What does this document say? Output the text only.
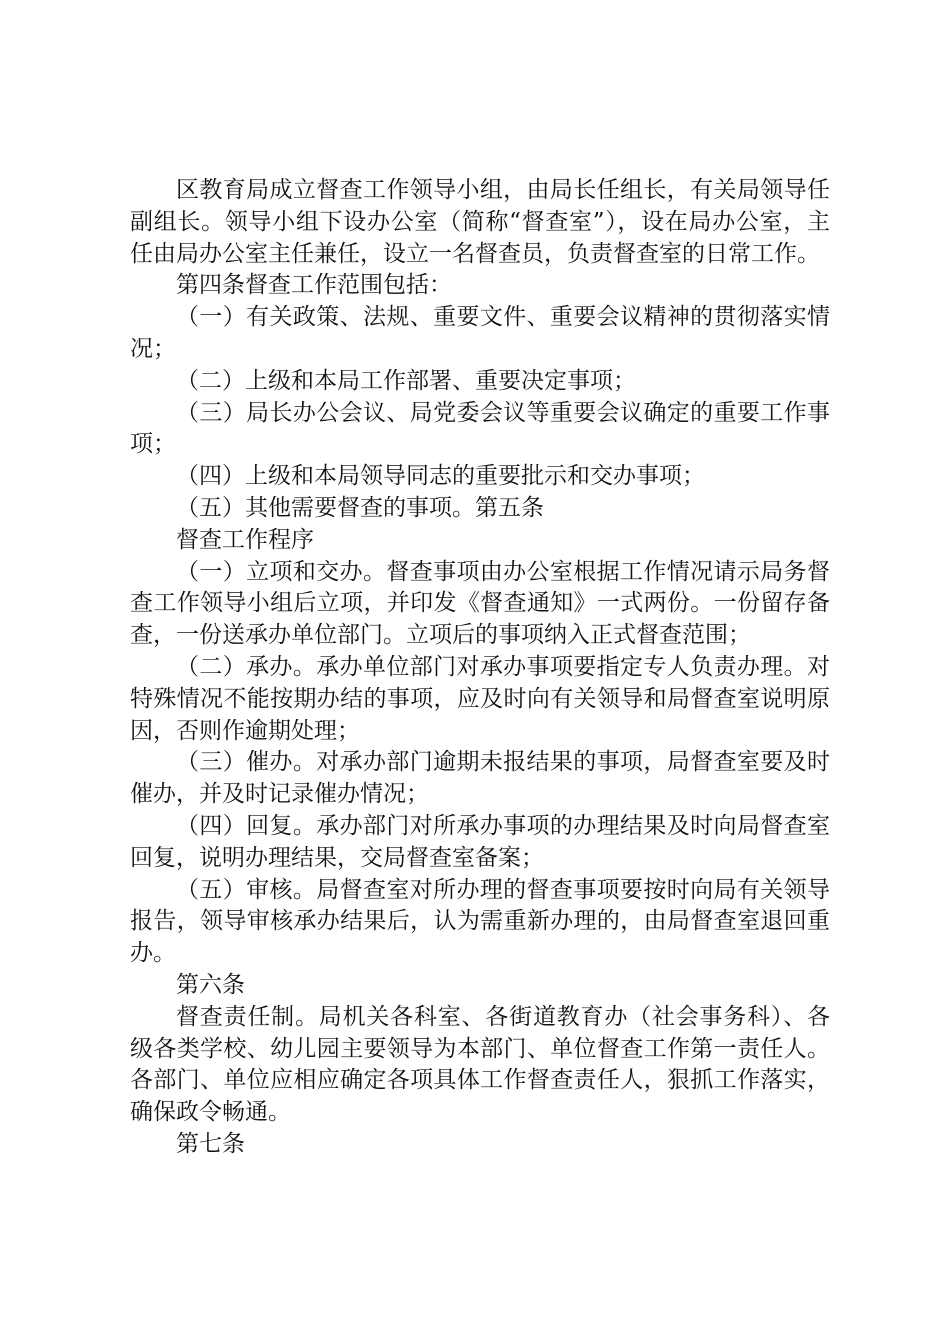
区教育局成立督查工作领导小组，由局长任组长，有关局领导任副组长。领导小组下设办公室（简称“督查室”），设在局办公室，主任由局办公室主任兼任，设立一名督查员，负责督查室的日常工作。

第四条督查工作范围包括：

（一）有关政策、法规、重要文件、重要会议精神的贯彻落实情况；

（二）上级和本局工作部署、重要决定事项；

（三）局长办公会议、局党委会议等重要会议确定的重要工作事项；

（四）上级和本局领导同志的重要批示和交办事项；

（五）其他需要督查的事项。第五条

督查工作程序

（一）立项和交办。督查事项由办公室根据工作情况请示局务督查工作领导小组后立项，并印发《督查通知》一式两份。一份留存备查，一份送承办单位部门。立项后的事项纳入正式督查范围；

（二）承办。承办单位部门对承办事项要指定专人负责办理。对特殊情况不能按期办结的事项，应及时向有关领导和局督查室说明原因，否则作逾期处理；

（三）催办。对承办部门逾期未报结果的事项，局督查室要及时催办，并及时记录催办情况；

（四）回复。承办部门对所承办事项的办理结果及时向局督查室回复，说明办理结果，交局督查室备案；

（五）审核。局督查室对所办理的督查事项要按时向局有关领导报告，领导审核承办结果后，认为需重新办理的，由局督查室退回重办。

第六条

督查责任制。局机关各科室、各街道教育办（社会事务科）、各级各类学校、幼儿园主要领导为本部门、单位督查工作第一责任人。各部门、单位应相应确定各项具体工作督查责任人，狠抓工作落实，确保政令畅通。

第七条
